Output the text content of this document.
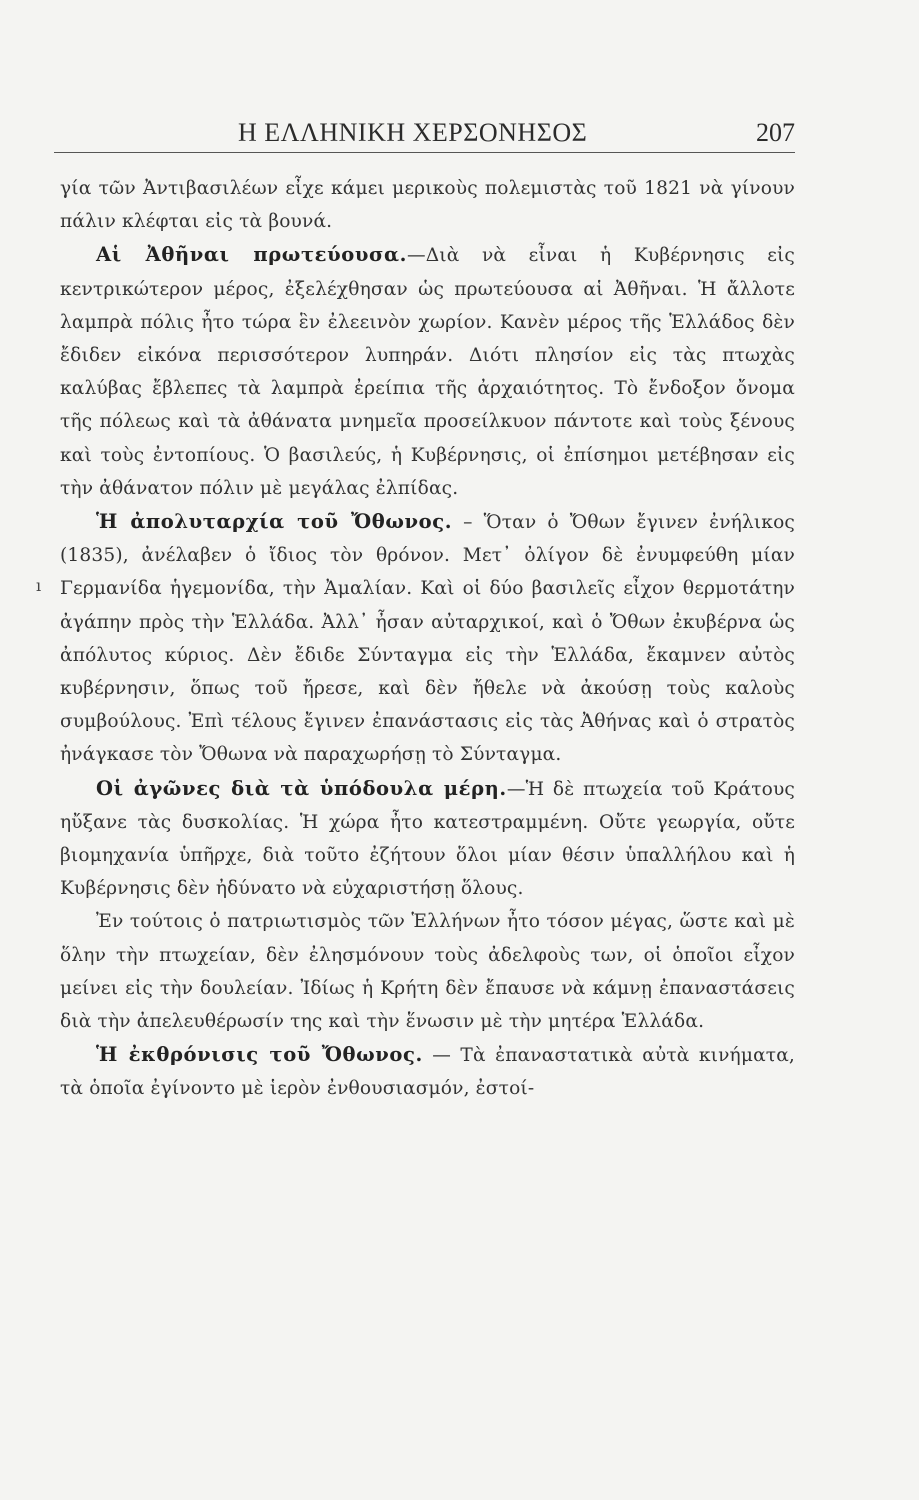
Η ΕΛΛΗΝΙΚΗ ΧΕΡΣΟΝΗΣΟΣ	207
ı

γία τῶν Ἀντιβασιλέων εἶχε κάμει μερικοὺς πολεμιστὰς τοῦ 1821 νὰ γίνουν πάλιν κλέφται εἰς τὰ βουνά.

Αἱ Ἀθῆναι πρωτεύουσα.—Διὰ νὰ εἶναι ἡ Κυβέρνησις εἰς κεντρικώτερον μέρος, ἐξελέχθησαν ὡς πρωτεύουσα αἱ Ἀθῆναι. Ἡ ἄλλοτε λαμπρὰ πόλις ἦτο τώρα ἓν ἐλεεινὸν χωρίον. Κανὲν μέρος τῆς Ἑλλάδος δὲν ἔδιδεν εἰκόνα περισσότερον λυπηράν. Διότι πλησίον εἰς τὰς πτωχὰς καλύβας ἔβλεπες τὰ λαμπρὰ ἐρείπια τῆς ἀρχαιότητος. Τὸ ἔνδοξον ὄνομα τῆς πόλεως καὶ τὰ ἀθάνατα μνημεῖα προσείλκυον πάντοτε καὶ τοὺς ξένους καὶ τοὺς ἐντοπίους. Ὁ βασιλεύς, ἡ Κυβέρνησις, οἱ ἐπίσημοι μετέβησαν εἰς τὴν ἀθάνατον πόλιν μὲ μεγάλας ἐλπίδας.

Ἡ ἀπολυταρχία τοῦ Ὄθωνος. – Ὅταν ὁ Ὄθων ἔγινεν ἐνήλικος (1835), ἀνέλαβεν ὁ ἴδιος τὸν θρόνον. Μετ᾽ ὀλίγον δὲ ἐνυμφεύθη μίαν Γερμανίδα ἡγεμονίδα, τὴν Ἀμαλίαν. Καὶ οἱ δύο βασιλεῖς εἶχον θερμοτάτην ἀγάπην πρὸς τὴν Ἑλλάδα. Ἀλλ᾽ ἦσαν αὐταρχικοί, καὶ ὁ Ὄθων ἐκυβέρνα ὡς ἀπόλυτος κύριος. Δὲν ἔδιδε Σύνταγμα εἰς τὴν Ἑλλάδα, ἔκαμνεν αὐτὸς κυβέρνησιν, ὅπως τοῦ ἤρεσε, καὶ δὲν ἤθελε νὰ ἀκούσῃ τοὺς καλοὺς συμβούλους. Ἐπὶ τέλους ἔγινεν ἐπανάστασις εἰς τὰς Ἀθήνας καὶ ὁ στρατὸς ἠνάγκασε τὸν Ὄθωνα νὰ παραχωρήσῃ τὸ Σύνταγμα.

Οἱ ἀγῶνες διὰ τὰ ὑπόδουλα μέρη.—Ἡ δὲ πτωχεία τοῦ Κράτους ηὔξανε τὰς δυσκολίας. Ἡ χώρα ἦτο κατεστραμμένη. Οὔτε γεωργία, οὔτε βιομηχανία ὑπῆρχε, διὰ τοῦτο ἐζήτουν ὅλοι μίαν θέσιν ὑπαλλήλου καὶ ἡ Κυβέρνησις δὲν ἠδύνατο νὰ εὐχαριστήσῃ ὅλους.

Ἐν τούτοις ὁ πατριωτισμὸς τῶν Ἑλλήνων ἦτο τόσον μέγας, ὥστε καὶ μὲ ὅλην τὴν πτωχείαν, δὲν ἐλησμόνουν τοὺς ἀδελφοὺς των, οἱ ὁποῖοι εἶχον μείνει εἰς τὴν δουλείαν. Ἰδίως ἡ Κρήτη δὲν ἔπαυσε νὰ κάμνῃ ἐπαναστάσεις διὰ τὴν ἀπελευθέρωσίν της καὶ τὴν ἕνωσιν μὲ τὴν μητέρα Ἑλλάδα.

Ἡ ἐκθρόνισις τοῦ Ὄθωνος. — Τὰ ἐπαναστατικὰ αὐτὰ κινήματα, τὰ ὁποῖα ἐγίνοντο μὲ ἱερὸν ἐνθουσιασμόν, ἐστοί-
